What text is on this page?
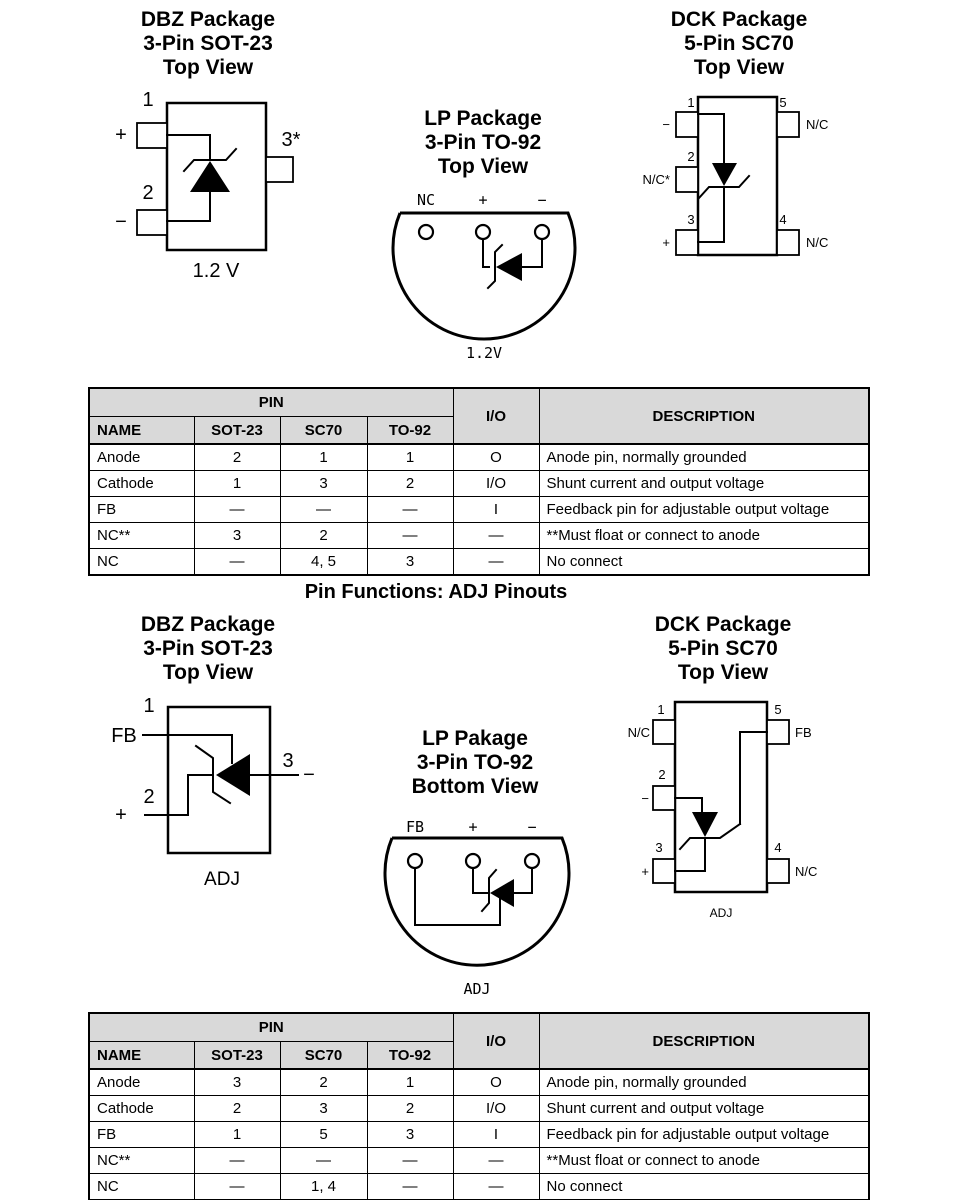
DBZ Package
3-Pin SOT-23
Top View
LP Package
3-Pin TO-92
Top View
DCK Package
5-Pin SC70
Top View
1
+
2
−
3*
1.2 V
NC	+	−
1.2V
1
2
3
5
4
−
N/C*
+
N/C
N/C
PIN				I/O	DESCRIPTION
NAME	SOT-23	SC70	TO-92		
Anode	2	1	1	O	Anode pin, normally grounded
Cathode	1	3	2	I/O	Shunt current and output voltage
FB	—	—	—	I	Feedback pin for adjustable output voltage
NC**	3	2	—	—	**Must float or connect to anode
NC	—	4, 5	3	—	No connect
Pin Functions: ADJ Pinouts
DBZ Package
3-Pin SOT-23
Top View
LP Pakage
3-Pin TO-92
Bottom View
DCK Package
5-Pin SC70
Top View
1
FB
2
+
3
−
ADJ
FB	+	−
ADJ
1
2
3
5
4
N/C
−
+
FB
N/C
ADJ
PIN				I/O	DESCRIPTION
NAME	SOT-23	SC70	TO-92		
Anode	3	2	1	O	Anode pin, normally grounded
Cathode	2	3	2	I/O	Shunt current and output voltage
FB	1	5	3	I	Feedback pin for adjustable output voltage
NC**	—	—	—	—	**Must float or connect to anode
NC	—	1, 4	—	—	No connect
